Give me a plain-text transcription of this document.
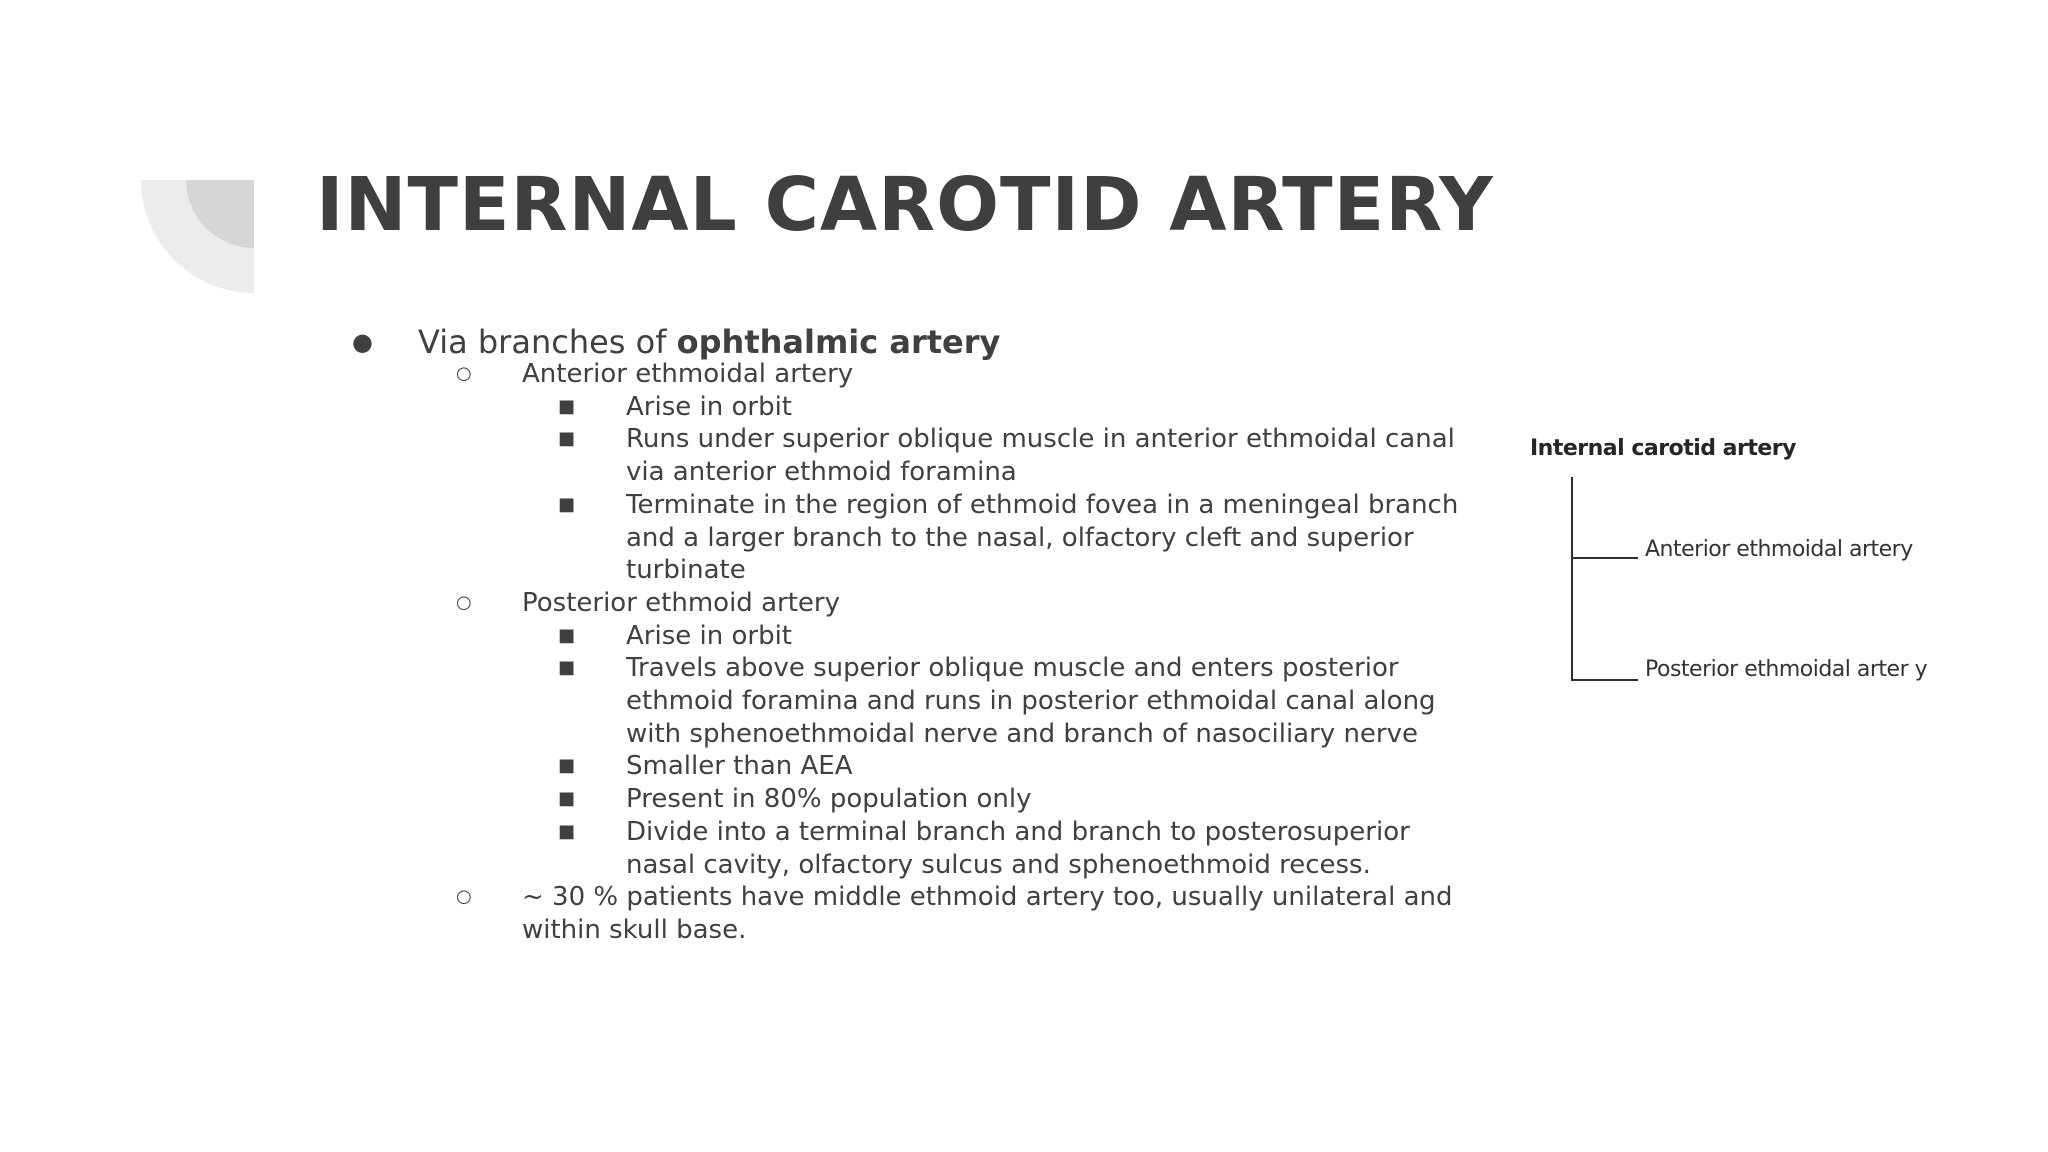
INTERNAL CAROTID ARTERY
● Via branches of ophthalmic artery
○ Anterior ethmoidal artery
■ Arise in orbit
■ Runs under superior oblique muscle in anterior ethmoidal canal via anterior ethmoid foramina
■ Terminate in the region of ethmoid fovea in a meningeal branch and a larger branch to the nasal, olfactory cleft and superior turbinate
○ Posterior ethmoid artery
■ Arise in orbit
■ Travels above superior oblique muscle and enters posterior ethmoid foramina and runs in posterior ethmoidal canal along with sphenoethmoidal nerve and branch of nasociliary nerve
■ Smaller than AEA
■ Present in 80% population only
■ Divide into a terminal branch and branch to posterosuperior nasal cavity, olfactory sulcus and sphenoethmoid recess.
○ ~ 30 % patients have middle ethmoid artery too, usually unilateral and within skull base.
Internal carotid artery
Anterior ethmoidal artery
Posterior ethmoidal arter y
